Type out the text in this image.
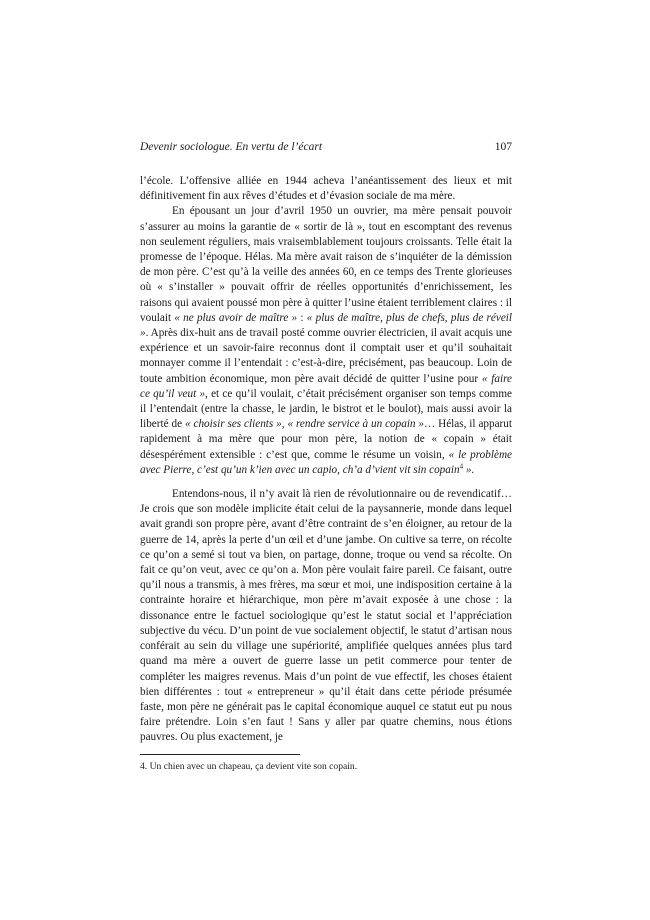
Devenir sociologue. En vertu de l’écart	107

l’école. L’offensive alliée en 1944 acheva l’anéantissement des lieux et mit définitivement fin aux rêves d’études et d’évasion sociale de ma mère.

En épousant un jour d’avril 1950 un ouvrier, ma mère pensait pouvoir s’assurer au moins la garantie de « sortir de là », tout en escomptant des revenus non seulement réguliers, mais vraisemblablement toujours croissants. Telle était la promesse de l’époque. Hélas. Ma mère avait raison de s’inquiéter de la démission de mon père. C’est qu’à la veille des années 60, en ce temps des Trente glorieuses où « s’installer » pouvait offrir de réelles opportunités d’enrichissement, les raisons qui avaient poussé mon père à quitter l’usine étaient terriblement claires : il voulait « ne plus avoir de maître » : « plus de maître, plus de chefs, plus de réveil ». Après dix-huit ans de travail posté comme ouvrier électricien, il avait acquis une expérience et un savoir-faire reconnus dont il comptait user et qu’il souhaitait monnayer comme il l’entendait : c’est-à-dire, précisément, pas beaucoup. Loin de toute ambition économique, mon père avait décidé de quitter l’usine pour « faire ce qu’il veut », et ce qu’il voulait, c’était précisément organiser son temps comme il l’entendait (entre la chasse, le jardin, le bistrot et le boulot), mais aussi avoir la liberté de « choisir ses clients », « rendre service à un copain »… Hélas, il apparut rapidement à ma mère que pour mon père, la notion de « copain » était désespérément extensible : c’est que, comme le résume un voisin, « le problème avec Pierre, c’est qu’un k’ien avec un capio, ch’a d’vient vit sin copain$^4$ ».

Entendons-nous, il n’y avait là rien de révolutionnaire ou de revendicatif… Je crois que son modèle implicite était celui de la paysannerie, monde dans lequel avait grandi son propre père, avant d’être contraint de s’en éloigner, au retour de la guerre de 14, après la perte d’un œil et d’une jambe. On cultive sa terre, on récolte ce qu’on a semé si tout va bien, on partage, donne, troque ou vend sa récolte. On fait ce qu’on veut, avec ce qu’on a. Mon père voulait faire pareil. Ce faisant, outre qu’il nous a transmis, à mes frères, ma sœur et moi, une indisposition certaine à la contrainte horaire et hiérarchique, mon père m’avait exposée à une chose : la dissonance entre le factuel sociologique qu’est le statut social et l’appréciation subjective du vécu. D’un point de vue socialement objectif, le statut d’artisan nous conférait au sein du village une supériorité, amplifiée quelques années plus tard quand ma mère a ouvert de guerre lasse un petit commerce pour tenter de compléter les maigres revenus. Mais d’un point de vue effectif, les choses étaient bien différentes : tout « entrepreneur » qu’il était dans cette période présumée faste, mon père ne générait pas le capital économique auquel ce statut eut pu nous faire prétendre. Loin s’en faut ! Sans y aller par quatre chemins, nous étions pauvres. Ou plus exactement, je

4. Un chien avec un chapeau, ça devient vite son copain.
